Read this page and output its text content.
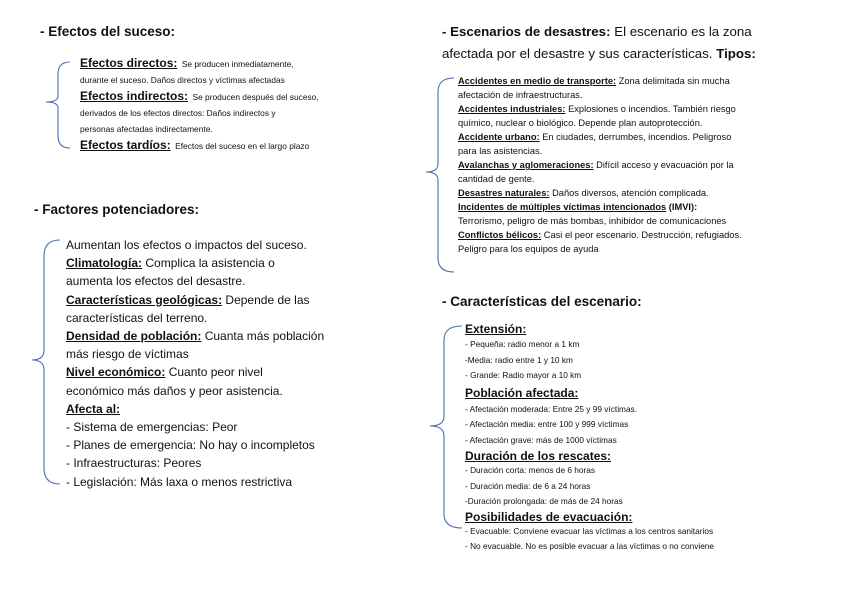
- Efectos del suceso:
Efectos directos: Se producen inmediatamente,
durante el suceso. Daños directos y víctimas afectadas
Efectos indirectos: Se producen después del suceso,
derivados de los efectos directos: Daños indirectos y
personas afectadas indirectamente.
Efectos tardíos: Efectos del suceso en el largo plazo
- Factores potenciadores:
Aumentan los efectos o impactos del suceso.
Climatología: Complica la asistencia o
aumenta los efectos del desastre.
Características geológicas: Depende de las
características del terreno.
Densidad de población: Cuanta más población
más riesgo de víctimas
Nivel económico: Cuanto peor nivel
económico más daños y peor asistencia.
Afecta al:
- Sistema de emergencias: Peor
- Planes de emergencia: No hay o incompletos
- Infraestructuras: Peores
- Legislación: Más laxa o menos restrictiva
- Escenarios de desastres: El escenario es la zona
afectada por el desastre y sus características. Tipos:
Accidentes en medio de transporte: Zona delimitada sin mucha
afectación de infraestructuras.
Accidentes industriales: Explosiones o incendios. También riesgo
químico, nuclear o biológico. Depende plan autoprotección.
Accidente urbano: En ciudades, derrumbes, incendios. Peligroso
para las asistencias.
Avalanchas y aglomeraciones: Difícil acceso y evacuación por la
cantidad de gente.
Desastres naturales: Daños diversos, atención complicada.
Incidentes de múltiples víctimas intencionados (IMVI):
Terrorismo, peligro de más bombas, inhibidor de comunicaciones
Conflictos bélicos: Casi el peor escenario. Destrucción, refugiados.
Peligro para los equipos de ayuda
- Características del escenario:
Extensión:
- Pequeña: radio menor a 1 km
-Media: radio entre 1 y 10 km
- Grande: Radio mayor a 10 km
Población afectada:
- Afectación moderada: Entre 25 y 99 víctimas.
- Afectación media: entre 100 y 999 víctimas
- Afectación grave: más de 1000 víctimas
Duración de los rescates:
- Duración corta: menos de 6 horas
- Duración media: de 6 a 24 horas
-Duración prolongada: de más de 24 horas
Posibilidades de evacuación:
- Evacuable: Conviene evacuar las víctimas a los centros sanitarios
- No evacuable. No es posible evacuar a las víctimas o no conviene
